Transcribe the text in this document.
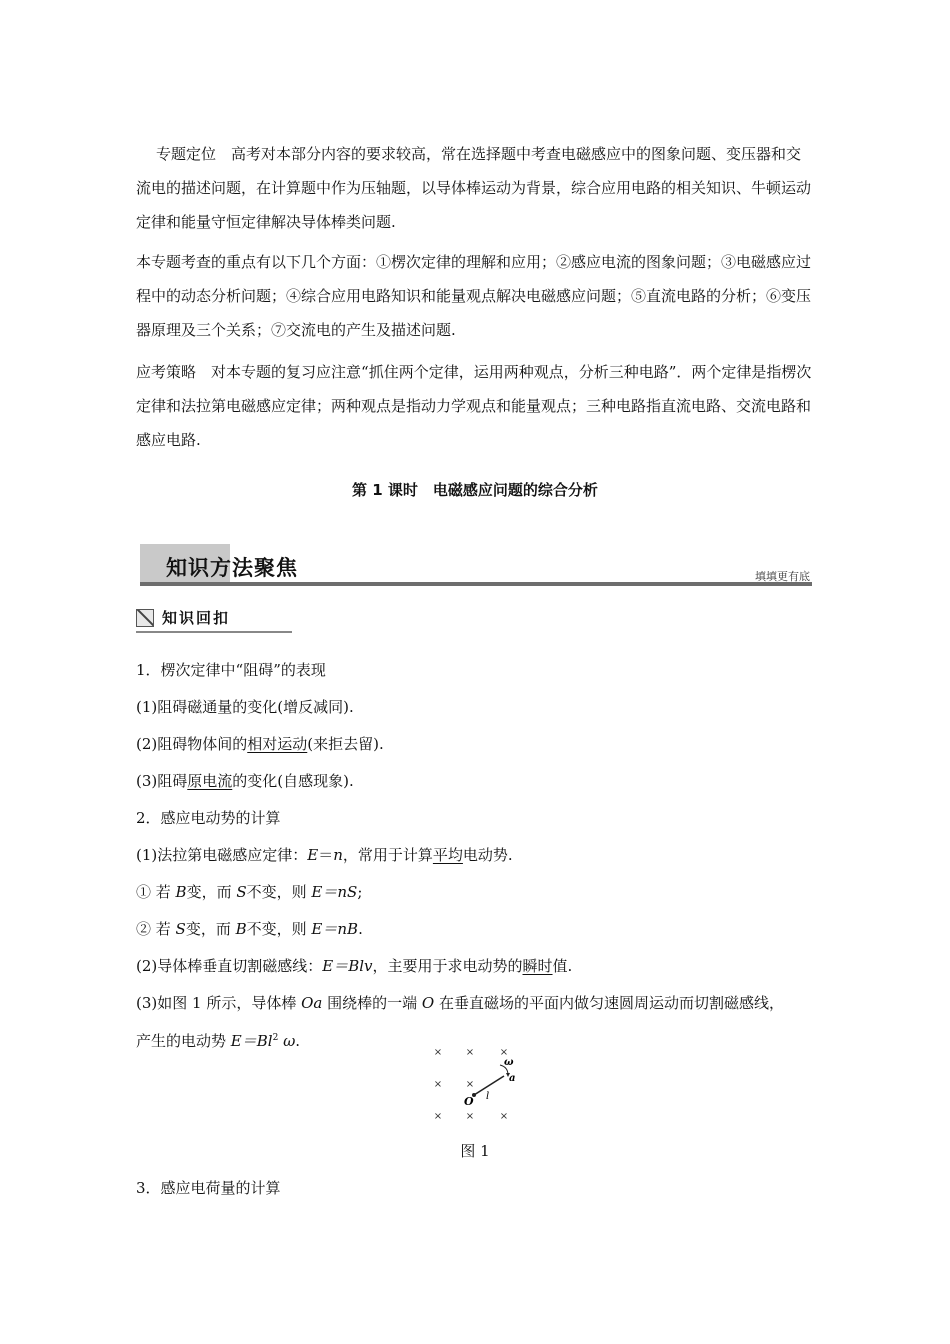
专题定位　 高考对本部分内容的要求较高，常在选择题中考查电磁感应中的图象问题、变压器和交流电的描述问题，在计算题中作为压轴题，以导体棒运动为背景，综合应用电路的相关知识、牛顿运动定律和能量守恒定律解决导体棒类问题.

本专题考查的重点有以下几个方面：①楞次定律的理解和应用；②感应电流的图象问题；③电磁感应过程中的动态分析问题；④综合应用电路知识和能量观点解决电磁感应问题；⑤直流电路的分析；⑥变压器原理及三个关系；⑦交流电的产生及描述问题.

应考策略　 对本专题的复习应注意“抓住两个定律，运用两种观点，分析三种电路”．两个定律是指楞次定律和法拉第电磁感应定律；两种观点是指动力学观点和能量观点；三种电路指直流电路、交流电路和感应电路.

第 1 课时　电磁感应问题的综合分析
知识方法聚焦	填填更有底
知识回扣
1．楞次定律中“阻碍”的表现
(1)阻碍磁通量的变化(增反减同).
(2)阻碍物体间的相对运动(来拒去留).
(3)阻碍原电流的变化(自感现象).
2．感应电动势的计算
(1)法拉第电磁感应定律：E＝n，常用于计算平均电动势.
① 若 B变，而 S不变，则 E＝nS;
② 若 S变，而 B不变，则 E＝nB.
(2)导体棒垂直切割磁感线：E＝Blv，主要用于求电动势的瞬时值.
(3)如图 1 所示，导体棒 Oa 围绕棒的一端 O 在垂直磁场的平面内做匀速圆周运动而切割磁感线，
产生的电动势 $E=Bl^2$ ω.
× ×	×
× ×
× ×	×
O
a
l
ω
图 1
3．感应电荷量的计算
